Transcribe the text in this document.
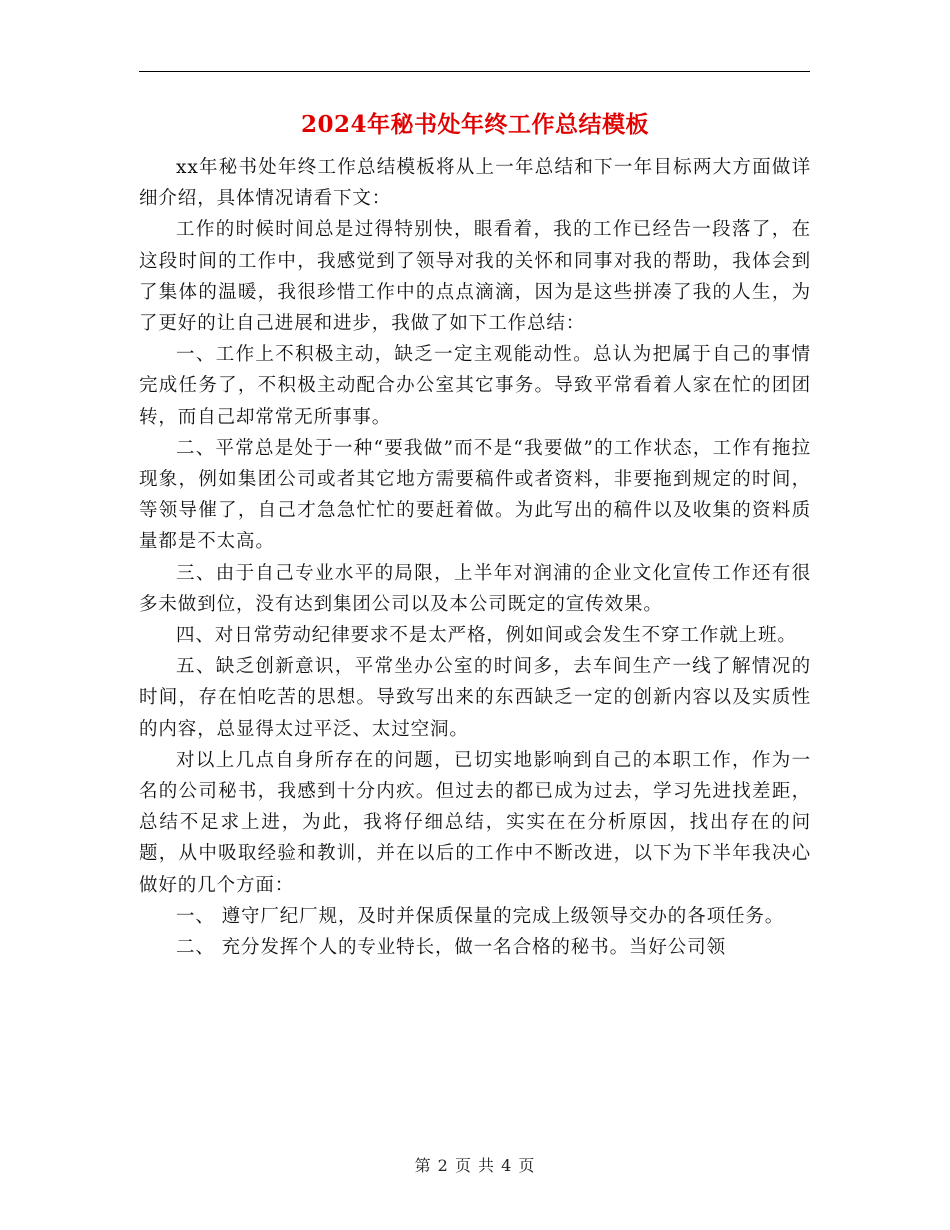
2024年秘书处年终工作总结模板

xx年秘书处年终工作总结模板将从上一年总结和下一年目标两大方面做详细介绍，具体情况请看下文：

工作的时候时间总是过得特别快，眼看着，我的工作已经告一段落了，在这段时间的工作中，我感觉到了领导对我的关怀和同事对我的帮助，我体会到了集体的温暖，我很珍惜工作中的点点滴滴，因为是这些拼凑了我的人生，为了更好的让自己进展和进步，我做了如下工作总结：

一、工作上不积极主动，缺乏一定主观能动性。总认为把属于自己的事情完成任务了，不积极主动配合办公室其它事务。导致平常看着人家在忙的团团转，而自己却常常无所事事。

二、平常总是处于一种“要我做”而不是“我要做”的工作状态，工作有拖拉现象，例如集团公司或者其它地方需要稿件或者资料，非要拖到规定的时间，等领导催了，自己才急急忙忙的要赶着做。为此写出的稿件以及收集的资料质量都是不太高。

三、由于自己专业水平的局限，上半年对润浦的企业文化宣传工作还有很多未做到位，没有达到集团公司以及本公司既定的宣传效果。

四、对日常劳动纪律要求不是太严格，例如间或会发生不穿工作就上班。

五、缺乏创新意识，平常坐办公室的时间多，去车间生产一线了解情况的时间，存在怕吃苦的思想。导致写出来的东西缺乏一定的创新内容以及实质性的内容，总显得太过平泛、太过空洞。

对以上几点自身所存在的问题，已切实地影响到自己的本职工作，作为一名的公司秘书，我感到十分内疚。但过去的都已成为过去，学习先进找差距，总结不足求上进，为此，我将仔细总结，实实在在分析原因，找出存在的问题，从中吸取经验和教训，并在以后的工作中不断改进，以下为下半年我决心做好的几个方面：

一、 遵守厂纪厂规，及时并保质保量的完成上级领导交办的各项任务。

二、 充分发挥个人的专业特长，做一名合格的秘书。当好公司领

第 2 页 共 4 页
